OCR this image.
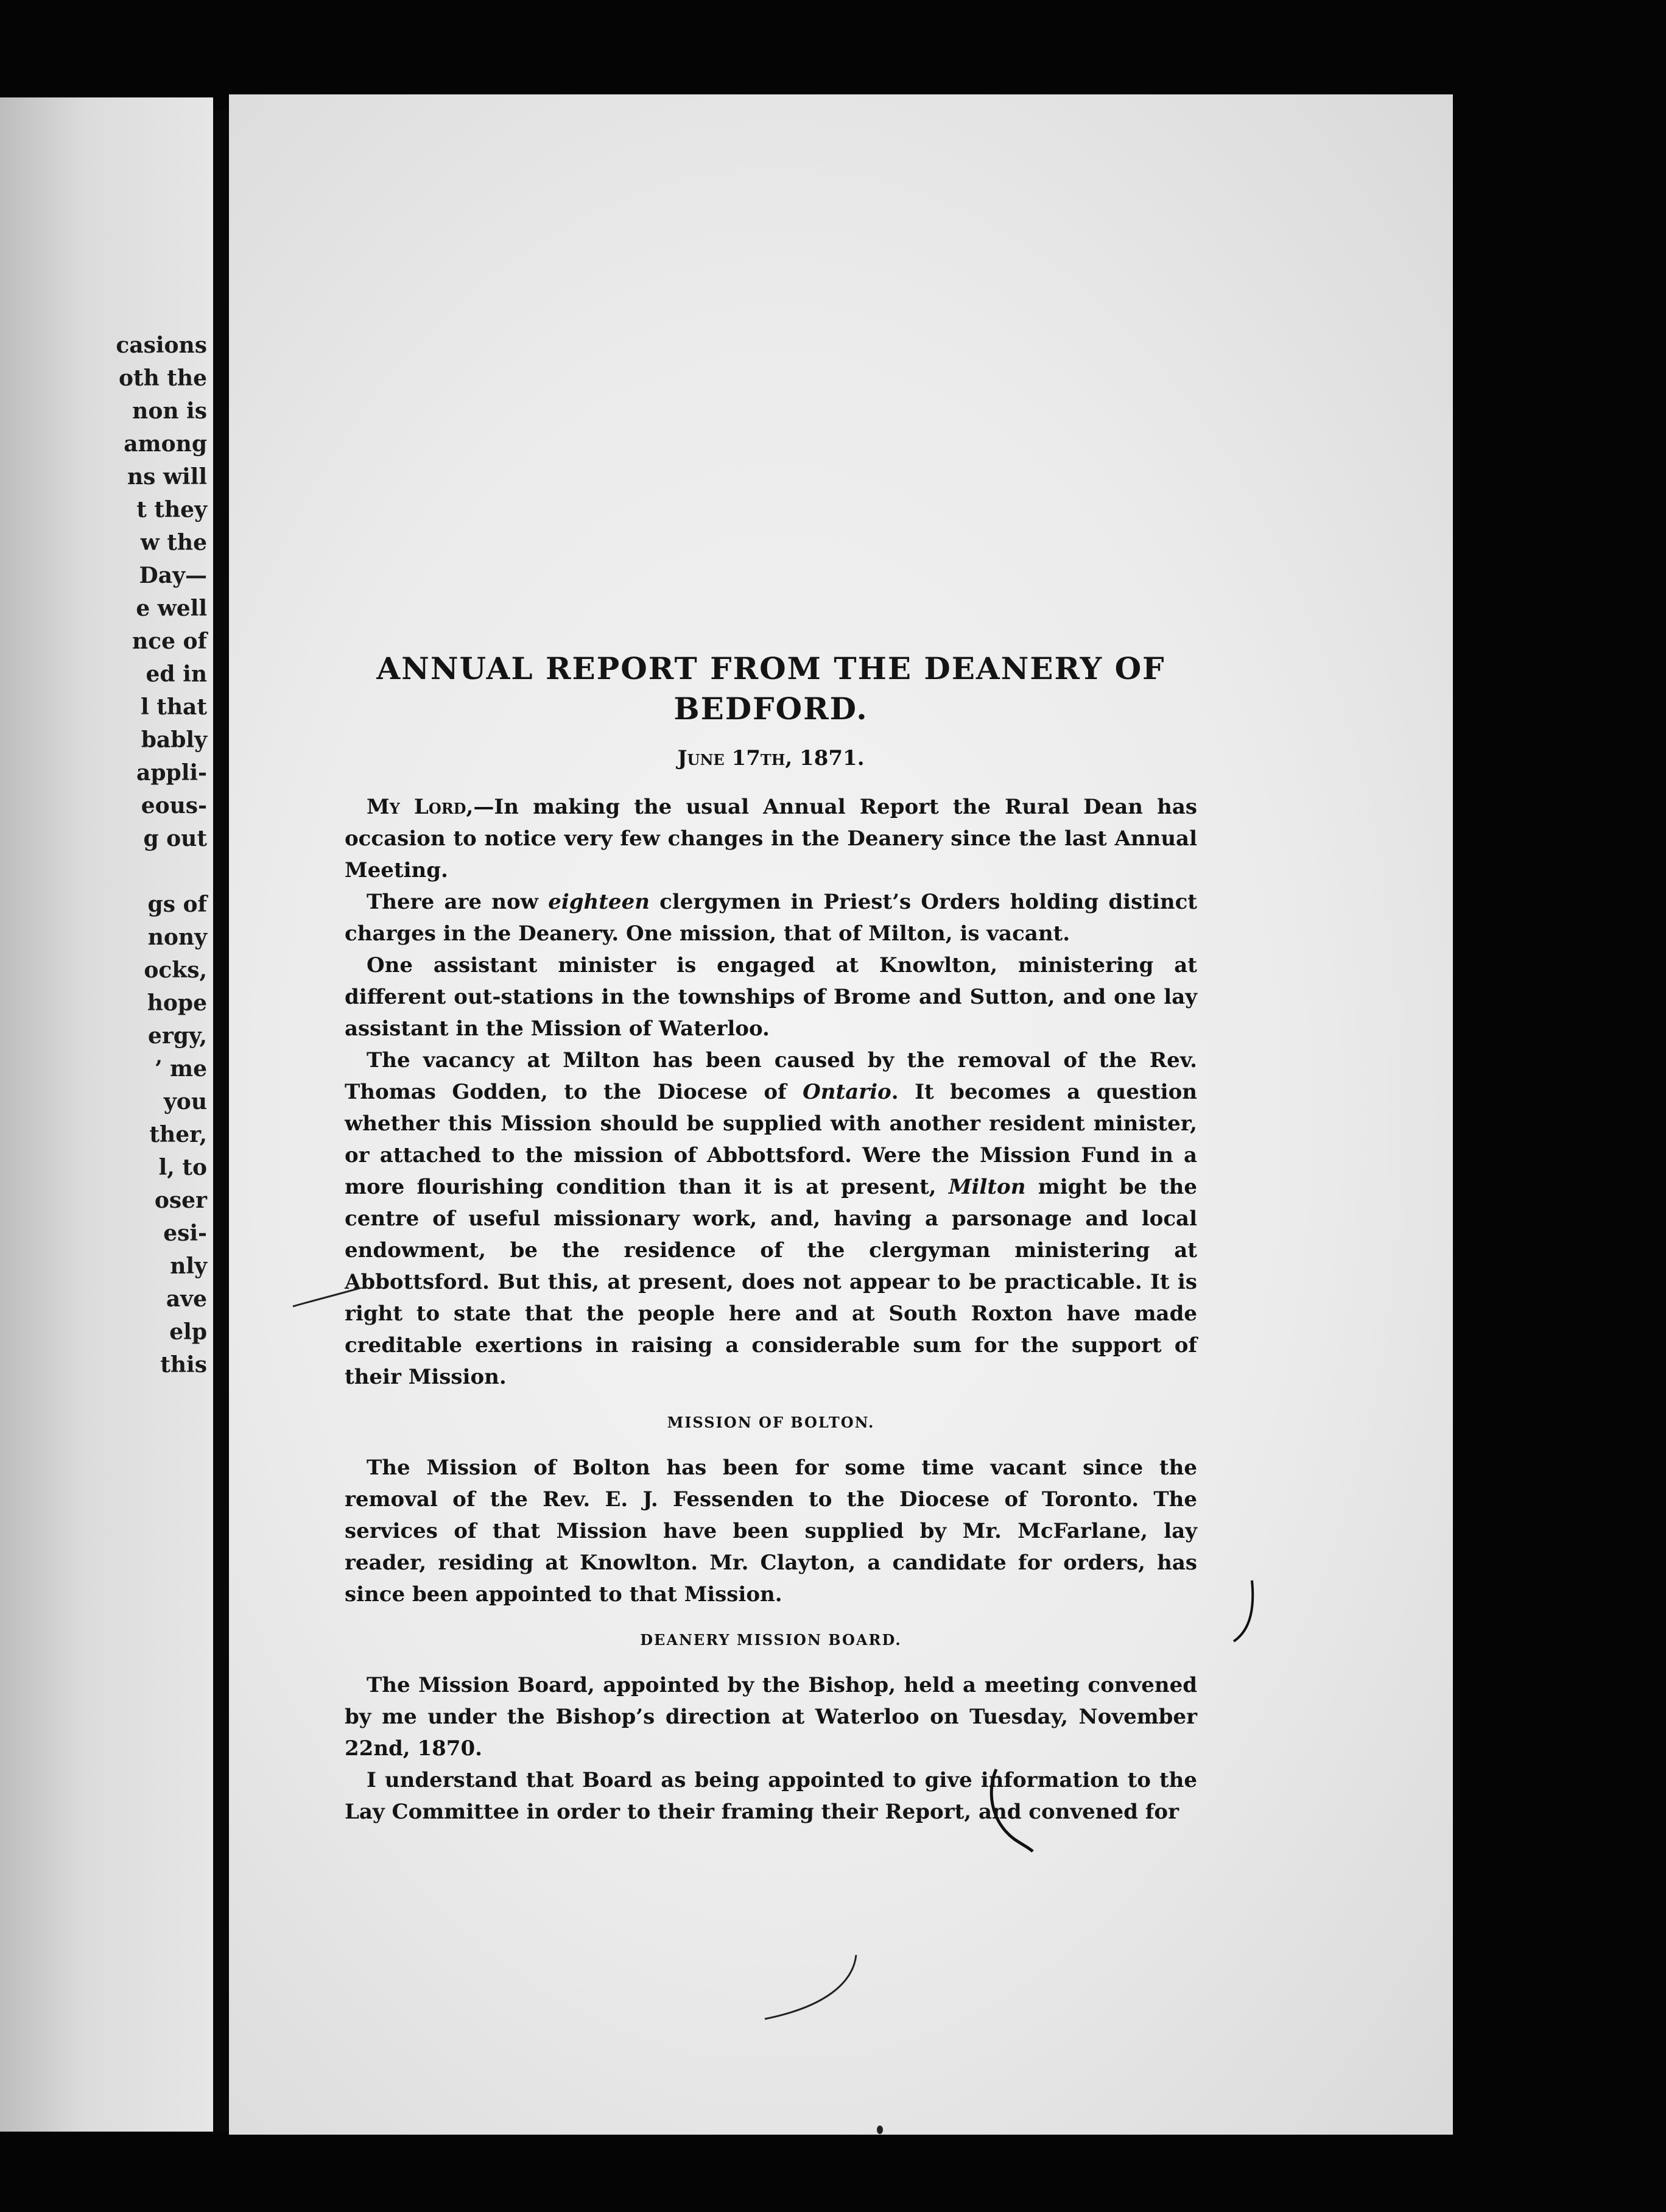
casions
oth the
non is
among
ns will
t they
w the
Day—
e well
nce of
ed in
l that
bably
appli-
eous-
g out
gs of
nony
ocks,
hope
ergy,
’ me
you
ther,
l, to
oser
esi-
nly
ave
elp
this
ANNUAL REPORT FROM THE DEANERY OF BEDFORD.
June 17th, 1871.

My Lord,—In making the usual Annual Report the Rural Dean has occasion to notice very few changes in the Deanery since the last Annual Meeting.

There are now eighteen clergymen in Priest’s Orders holding distinct charges in the Deanery. One mission, that of Milton, is vacant.

One assistant minister is engaged at Knowlton, ministering at different out-stations in the townships of Brome and Sutton, and one lay assistant in the Mission of Waterloo.

The vacancy at Milton has been caused by the removal of the Rev. Thomas Godden, to the Diocese of Ontario. It becomes a question whether this Mission should be supplied with another resident minister, or attached to the mission of Abbottsford. Were the Mission Fund in a more flourishing condition than it is at present, Milton might be the centre of useful missionary work, and, having a parsonage and local endowment, be the residence of the clergyman ministering at Abbottsford. But this, at present, does not appear to be practicable. It is right to state that the people here and at South Roxton have made creditable exertions in raising a considerable sum for the support of their Mission.

MISSION OF BOLTON.

The Mission of Bolton has been for some time vacant since the removal of the Rev. E. J. Fessenden to the Diocese of Toronto. The services of that Mission have been supplied by Mr. McFarlane, lay reader, residing at Knowlton. Mr. Clayton, a candidate for orders, has since been appointed to that Mission.

DEANERY MISSION BOARD.

The Mission Board, appointed by the Bishop, held a meeting convened by me under the Bishop’s direction at Waterloo on Tuesday, November 22nd, 1870.

I understand that Board as being appointed to give information to the Lay Committee in order to their framing their Report, and convened for
